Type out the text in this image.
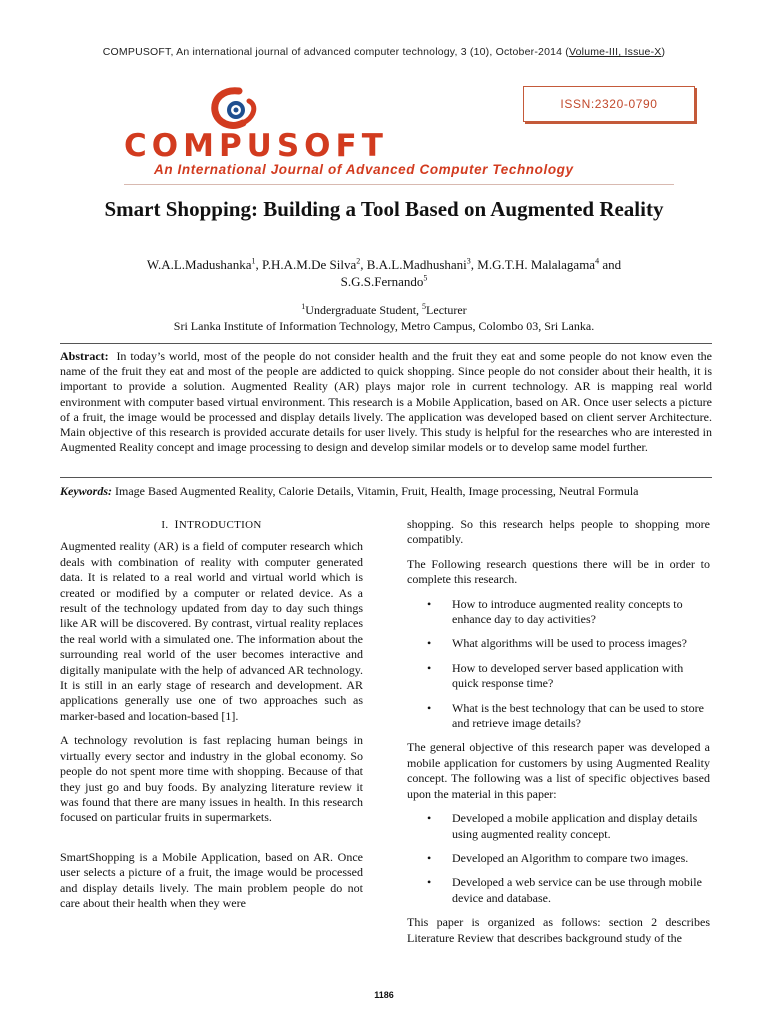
COMPUSOFT, An international journal of advanced computer technology, 3 (10), October-2014 (Volume-III, Issue-X)
COMPUSOFT
An International Journal of Advanced Computer Technology
ISSN:2320-0790
Smart Shopping: Building a Tool Based on Augmented Reality
W.A.L.Madushanka$^1$, P.H.A.M.De Silva$^2$, B.A.L.Madhushani$^3$, M.G.T.H. Malalagama$^4$ and
S.G.S.Fernando$^5$
$^1$Undergraduate Student, $^5$Lecturer
Sri Lanka Institute of Information Technology, Metro Campus, Colombo 03, Sri Lanka.

Abstract: In today’s world, most of the people do not consider health and the fruit they eat and some people do not know even the name of the fruit they eat and most of the people are addicted to quick shopping. Since people do not consider about their health, it is important to provide a solution. Augmented Reality (AR) plays major role in current technology. AR is mapping real world environment with computer based virtual environment. This research is a Mobile Application, based on AR. Once user selects a picture of a fruit, the image would be processed and display details lively. The application was developed based on client server Architecture. Main objective of this research is provided accurate details for user lively. This study is helpful for the researches who are interested in Augmented Reality concept and image processing to design and develop similar models or to develop same model further.

Keywords: Image Based Augmented Reality, Calorie Details, Vitamin, Fruit, Health, Image processing, Neutral Formula

I. INTRODUCTION

Augmented reality (AR) is a field of computer research which deals with combination of reality with computer generated data. It is related to a real world and virtual world which is created or modified by a computer or related device. As a result of the technology updated from day to day such things like AR will be discovered. By contrast, virtual reality replaces the real world with a simulated one. The information about the surrounding real world of the user becomes interactive and digitally manipulate with the help of advanced AR technology. It is still in an early stage of research and development. AR applications generally use one of two approaches such as marker-based and location-based [1].

A technology revolution is fast replacing human beings in virtually every sector and industry in the global economy. So people do not spent more time with shopping. Because of that they just go and buy foods. By analyzing literature review it was found that there are many issues in health. In this research focused on particular fruits in supermarkets.

SmartShopping is a Mobile Application, based on AR. Once user selects a picture of a fruit, the image would be processed and display details lively. The main problem people do not care about their health when they were

shopping. So this research helps people to shopping more compatibly.

The Following research questions there will be in order to complete this research.

• How to introduce augmented reality concepts to enhance day to day activities?
• What algorithms will be used to process images?
• How to developed server based application with quick response time?
• What is the best technology that can be used to store and retrieve image details?

The general objective of this research paper was developed a mobile application for customers by using Augmented Reality concept. The following was a list of specific objectives based upon the material in this paper:

• Developed a mobile application and display details using augmented reality concept.
• Developed an Algorithm to compare two images.
• Developed a web service can be use through mobile device and database.

This paper is organized as follows: section 2 describes Literature Review that describes background study of the

1186
